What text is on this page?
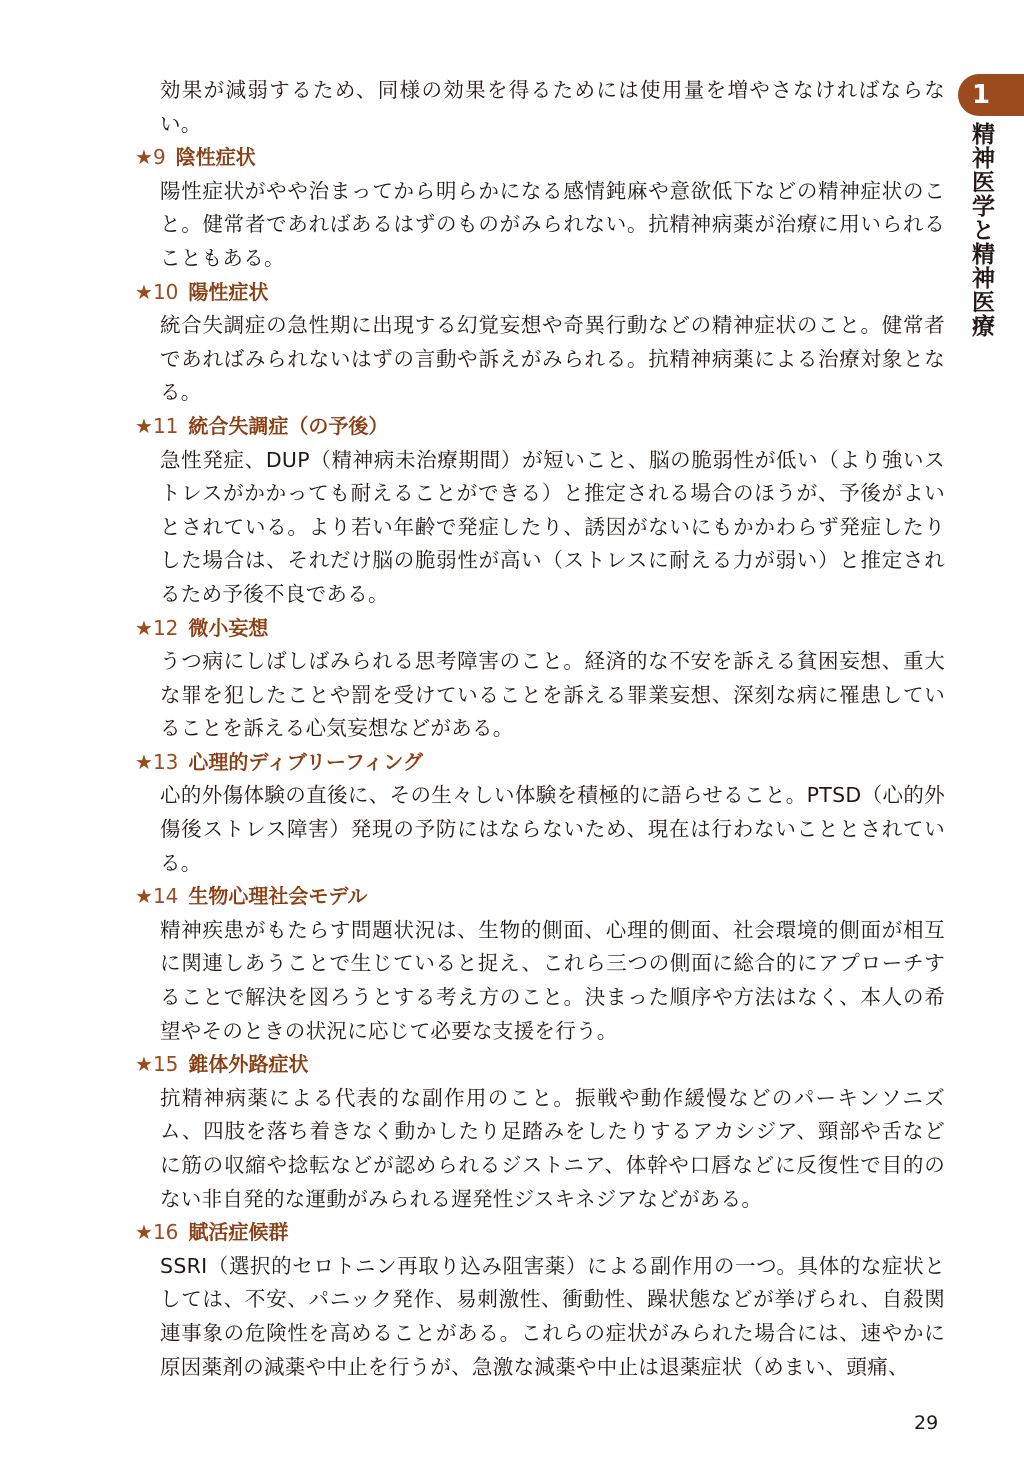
1
精神医学と精神医療
効果が減弱するため、同様の効果を得るためには使用量を増やさなければならない。
★9 陰性症状
陽性症状がやや治まってから明らかになる感情鈍麻や意欲低下などの精神症状のこと。健常者であればあるはずのものがみられない。抗精神病薬が治療に用いられることもある。
★10 陽性症状
統合失調症の急性期に出現する幻覚妄想や奇異行動などの精神症状のこと。健常者であればみられないはずの言動や訴えがみられる。抗精神病薬による治療対象となる。
★11 統合失調症（の予後）
急性発症、DUP（精神病未治療期間）が短いこと、脳の脆弱性が低い（より強いストレスがかかっても耐えることができる）と推定される場合のほうが、予後がよいとされている。より若い年齢で発症したり、誘因がないにもかかわらず発症したりした場合は、それだけ脳の脆弱性が高い（ストレスに耐える力が弱い）と推定されるため予後不良である。
★12 微小妄想
うつ病にしばしばみられる思考障害のこと。経済的な不安を訴える貧困妄想、重大な罪を犯したことや罰を受けていることを訴える罪業妄想、深刻な病に罹患していることを訴える心気妄想などがある。
★13 心理的ディブリーフィング
心的外傷体験の直後に、その生々しい体験を積極的に語らせること。PTSD（心的外傷後ストレス障害）発現の予防にはならないため、現在は行わないこととされている。
★14 生物心理社会モデル
精神疾患がもたらす問題状況は、生物的側面、心理的側面、社会環境的側面が相互に関連しあうことで生じていると捉え、これら三つの側面に総合的にアプローチすることで解決を図ろうとする考え方のこと。決まった順序や方法はなく、本人の希望やそのときの状況に応じて必要な支援を行う。
★15 錐体外路症状
抗精神病薬による代表的な副作用のこと。振戦や動作緩慢などのパーキンソニズム、四肢を落ち着きなく動かしたり足踏みをしたりするアカシジア、頸部や舌などに筋の収縮や捻転などが認められるジストニア、体幹や口唇などに反復性で目的のない非自発的な運動がみられる遅発性ジスキネジアなどがある。
★16 賦活症候群
SSRI（選択的セロトニン再取り込み阻害薬）による副作用の一つ。具体的な症状としては、不安、パニック発作、易刺激性、衝動性、躁状態などが挙げられ、自殺関連事象の危険性を高めることがある。これらの症状がみられた場合には、速やかに原因薬剤の減薬や中止を行うが、急激な減薬や中止は退薬症状（めまい、頭痛、
29
